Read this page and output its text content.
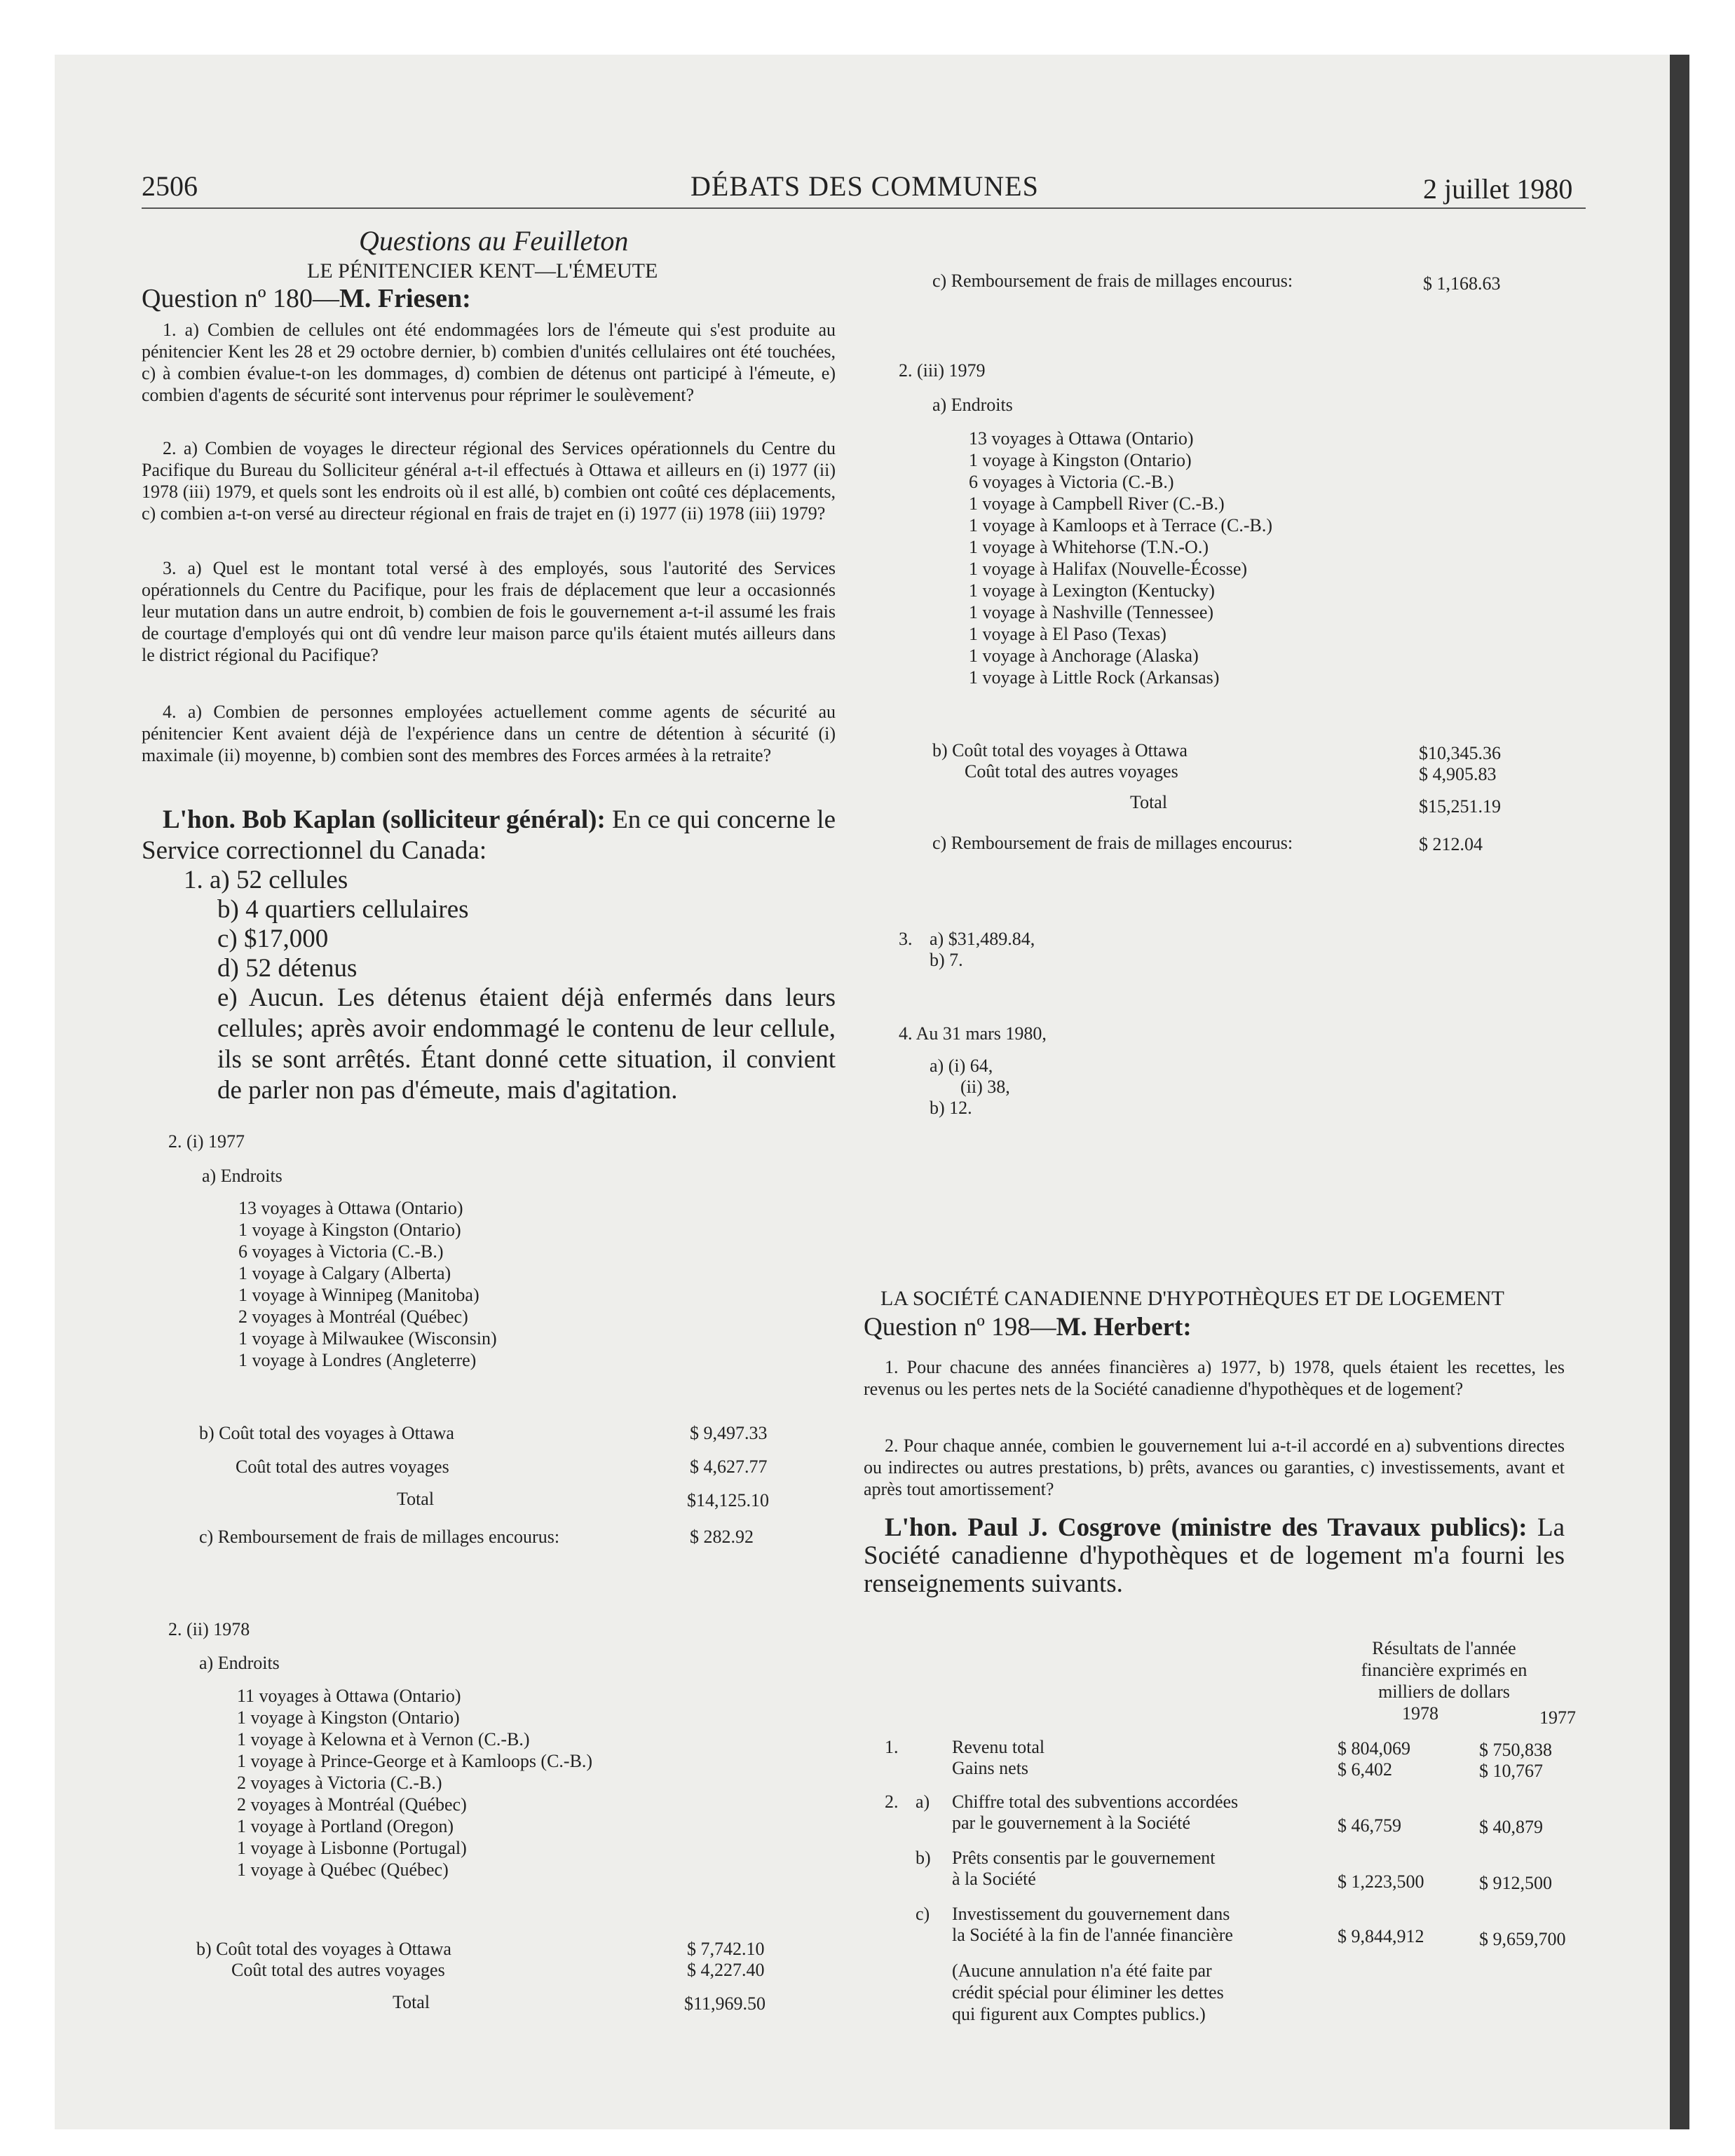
2506	DÉBATS DES COMMUNES	2 juillet 1980
Questions au Feuilleton
LE PÉNITENCIER KENT—L'ÉMEUTE
Question nº 180—M. Friesen:
1. a) Combien de cellules ont été endommagées lors de l'émeute qui s'est produite au pénitencier Kent les 28 et 29 octobre dernier, b) combien d'unités cellulaires ont été touchées, c) à combien évalue-t-on les dommages, d) combien de détenus ont participé à l'émeute, e) combien d'agents de sécurité sont intervenus pour réprimer le soulèvement?
2. a) Combien de voyages le directeur régional des Services opérationnels du Centre du Pacifique du Bureau du Solliciteur général a-t-il effectués à Ottawa et ailleurs en (i) 1977 (ii) 1978 (iii) 1979, et quels sont les endroits où il est allé, b) combien ont coûté ces déplacements, c) combien a-t-on versé au directeur régional en frais de trajet en (i) 1977 (ii) 1978 (iii) 1979?
3. a) Quel est le montant total versé à des employés, sous l'autorité des Services opérationnels du Centre du Pacifique, pour les frais de déplacement que leur a occasionnés leur mutation dans un autre endroit, b) combien de fois le gouvernement a-t-il assumé les frais de courtage d'employés qui ont dû vendre leur maison parce qu'ils étaient mutés ailleurs dans le district régional du Pacifique?
4. a) Combien de personnes employées actuellement comme agents de sécurité au pénitencier Kent avaient déjà de l'expérience dans un centre de détention à sécurité (i) maximale (ii) moyenne, b) combien sont des membres des Forces armées à la retraite?
L'hon. Bob Kaplan (solliciteur général): En ce qui concerne le Service correctionnel du Canada:
1. a) 52 cellules
b) 4 quartiers cellulaires
c) $17,000
d) 52 détenus
e) Aucun. Les détenus étaient déjà enfermés dans leurs cellules; après avoir endommagé le contenu de leur cellule, ils se sont arrêtés. Étant donné cette situation, il convient de parler non pas d'émeute, mais d'agitation.
2. (i) 1977
a) Endroits
13 voyages à Ottawa (Ontario)
1 voyage à Kingston (Ontario)
6 voyages à Victoria (C.-B.)
1 voyage à Calgary (Alberta)
1 voyage à Winnipeg (Manitoba)
2 voyages à Montréal (Québec)
1 voyage à Milwaukee (Wisconsin)
1 voyage à Londres (Angleterre)
b) Coût total des voyages à Ottawa	$ 9,497.33
Coût total des autres voyages	$ 4,627.77
Total	$14,125.10
c) Remboursement de frais de millages encourus:	$ 282.92
2. (ii) 1978
a) Endroits
11 voyages à Ottawa (Ontario)
1 voyage à Kingston (Ontario)
1 voyage à Kelowna et à Vernon (C.-B.)
1 voyage à Prince-George et à Kamloops (C.-B.)
2 voyages à Victoria (C.-B.)
2 voyages à Montréal (Québec)
1 voyage à Portland (Oregon)
1 voyage à Lisbonne (Portugal)
1 voyage à Québec (Québec)
b) Coût total des voyages à Ottawa	$ 7,742.10
Coût total des autres voyages	$ 4,227.40
Total	$11,969.50
c) Remboursement de frais de millages encourus:	$ 1,168.63
2. (iii) 1979
a) Endroits
13 voyages à Ottawa (Ontario)
1 voyage à Kingston (Ontario)
6 voyages à Victoria (C.-B.)
1 voyage à Campbell River (C.-B.)
1 voyage à Kamloops et à Terrace (C.-B.)
1 voyage à Whitehorse (T.N.-O.)
1 voyage à Halifax (Nouvelle-Écosse)
1 voyage à Lexington (Kentucky)
1 voyage à Nashville (Tennessee)
1 voyage à El Paso (Texas)
1 voyage à Anchorage (Alaska)
1 voyage à Little Rock (Arkansas)
b) Coût total des voyages à Ottawa	$10,345.36
Coût total des autres voyages	$ 4,905.83
Total	$15,251.19
c) Remboursement de frais de millages encourus:	$ 212.04
3. a) $31,489.84,
b) 7.
4. Au 31 mars 1980,
a) (i) 64,
(ii) 38,
b) 12.
LA SOCIÉTÉ CANADIENNE D'HYPOTHÈQUES ET DE LOGEMENT
Question nº 198—M. Herbert:
1. Pour chacune des années financières a) 1977, b) 1978, quels étaient les recettes, les revenus ou les pertes nets de la Société canadienne d'hypothèques et de logement?
2. Pour chaque année, combien le gouvernement lui a-t-il accordé en a) subventions directes ou indirectes ou autres prestations, b) prêts, avances ou garanties, c) investissements, avant et après tout amortissement?
L'hon. Paul J. Cosgrove (ministre des Travaux publics): La Société canadienne d'hypothèques et de logement m'a fourni les renseignements suivants.
Résultats de l'année
financière exprimés en
milliers de dollars
1978	1977
1.	Revenu total	$ 804,069	$ 750,838
Gains nets	$ 6,402	$ 10,767
2. a) Chiffre total des subventions accordées
par le gouvernement à la Société	$ 46,759	$ 40,879
b) Prêts consentis par le gouvernement
à la Société	$ 1,223,500	$ 912,500
c) Investissement du gouvernement dans
la Société à la fin de l'année financière	$ 9,844,912	$ 9,659,700
(Aucune annulation n'a été faite par
crédit spécial pour éliminer les dettes
qui figurent aux Comptes publics.)
